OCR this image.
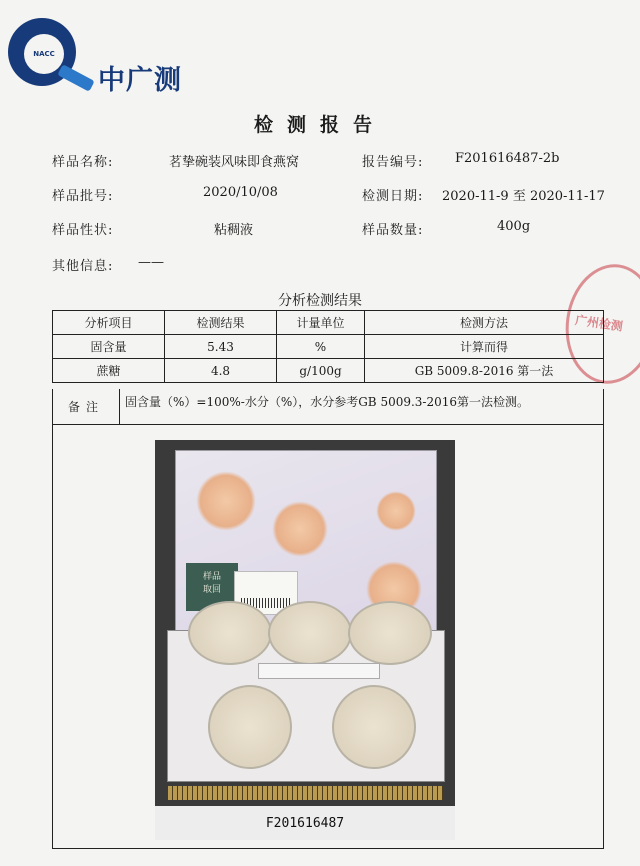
NACC
中广测
检测报告
样品名称:	茗挚碗装风味即食燕窝	报告编号: F201616487-2b
样品批号:	2020/10/08	检测日期: 2020-11-9 至 2020-11-17
样品性状:	粘稠液	样品数量:	400g
其他信息: ——
广州检测
分析检测结果
分析项目	检测结果	计量单位	检测方法
固含量	5.43	%	计算而得
蔗糖	4.8	g/100g	GB 5009.8-2016 第一法
备注	固含量（%）=100%-水分（%），水分参考GB 5009.3-2016第一法检测。
样品
取回
F201616487
